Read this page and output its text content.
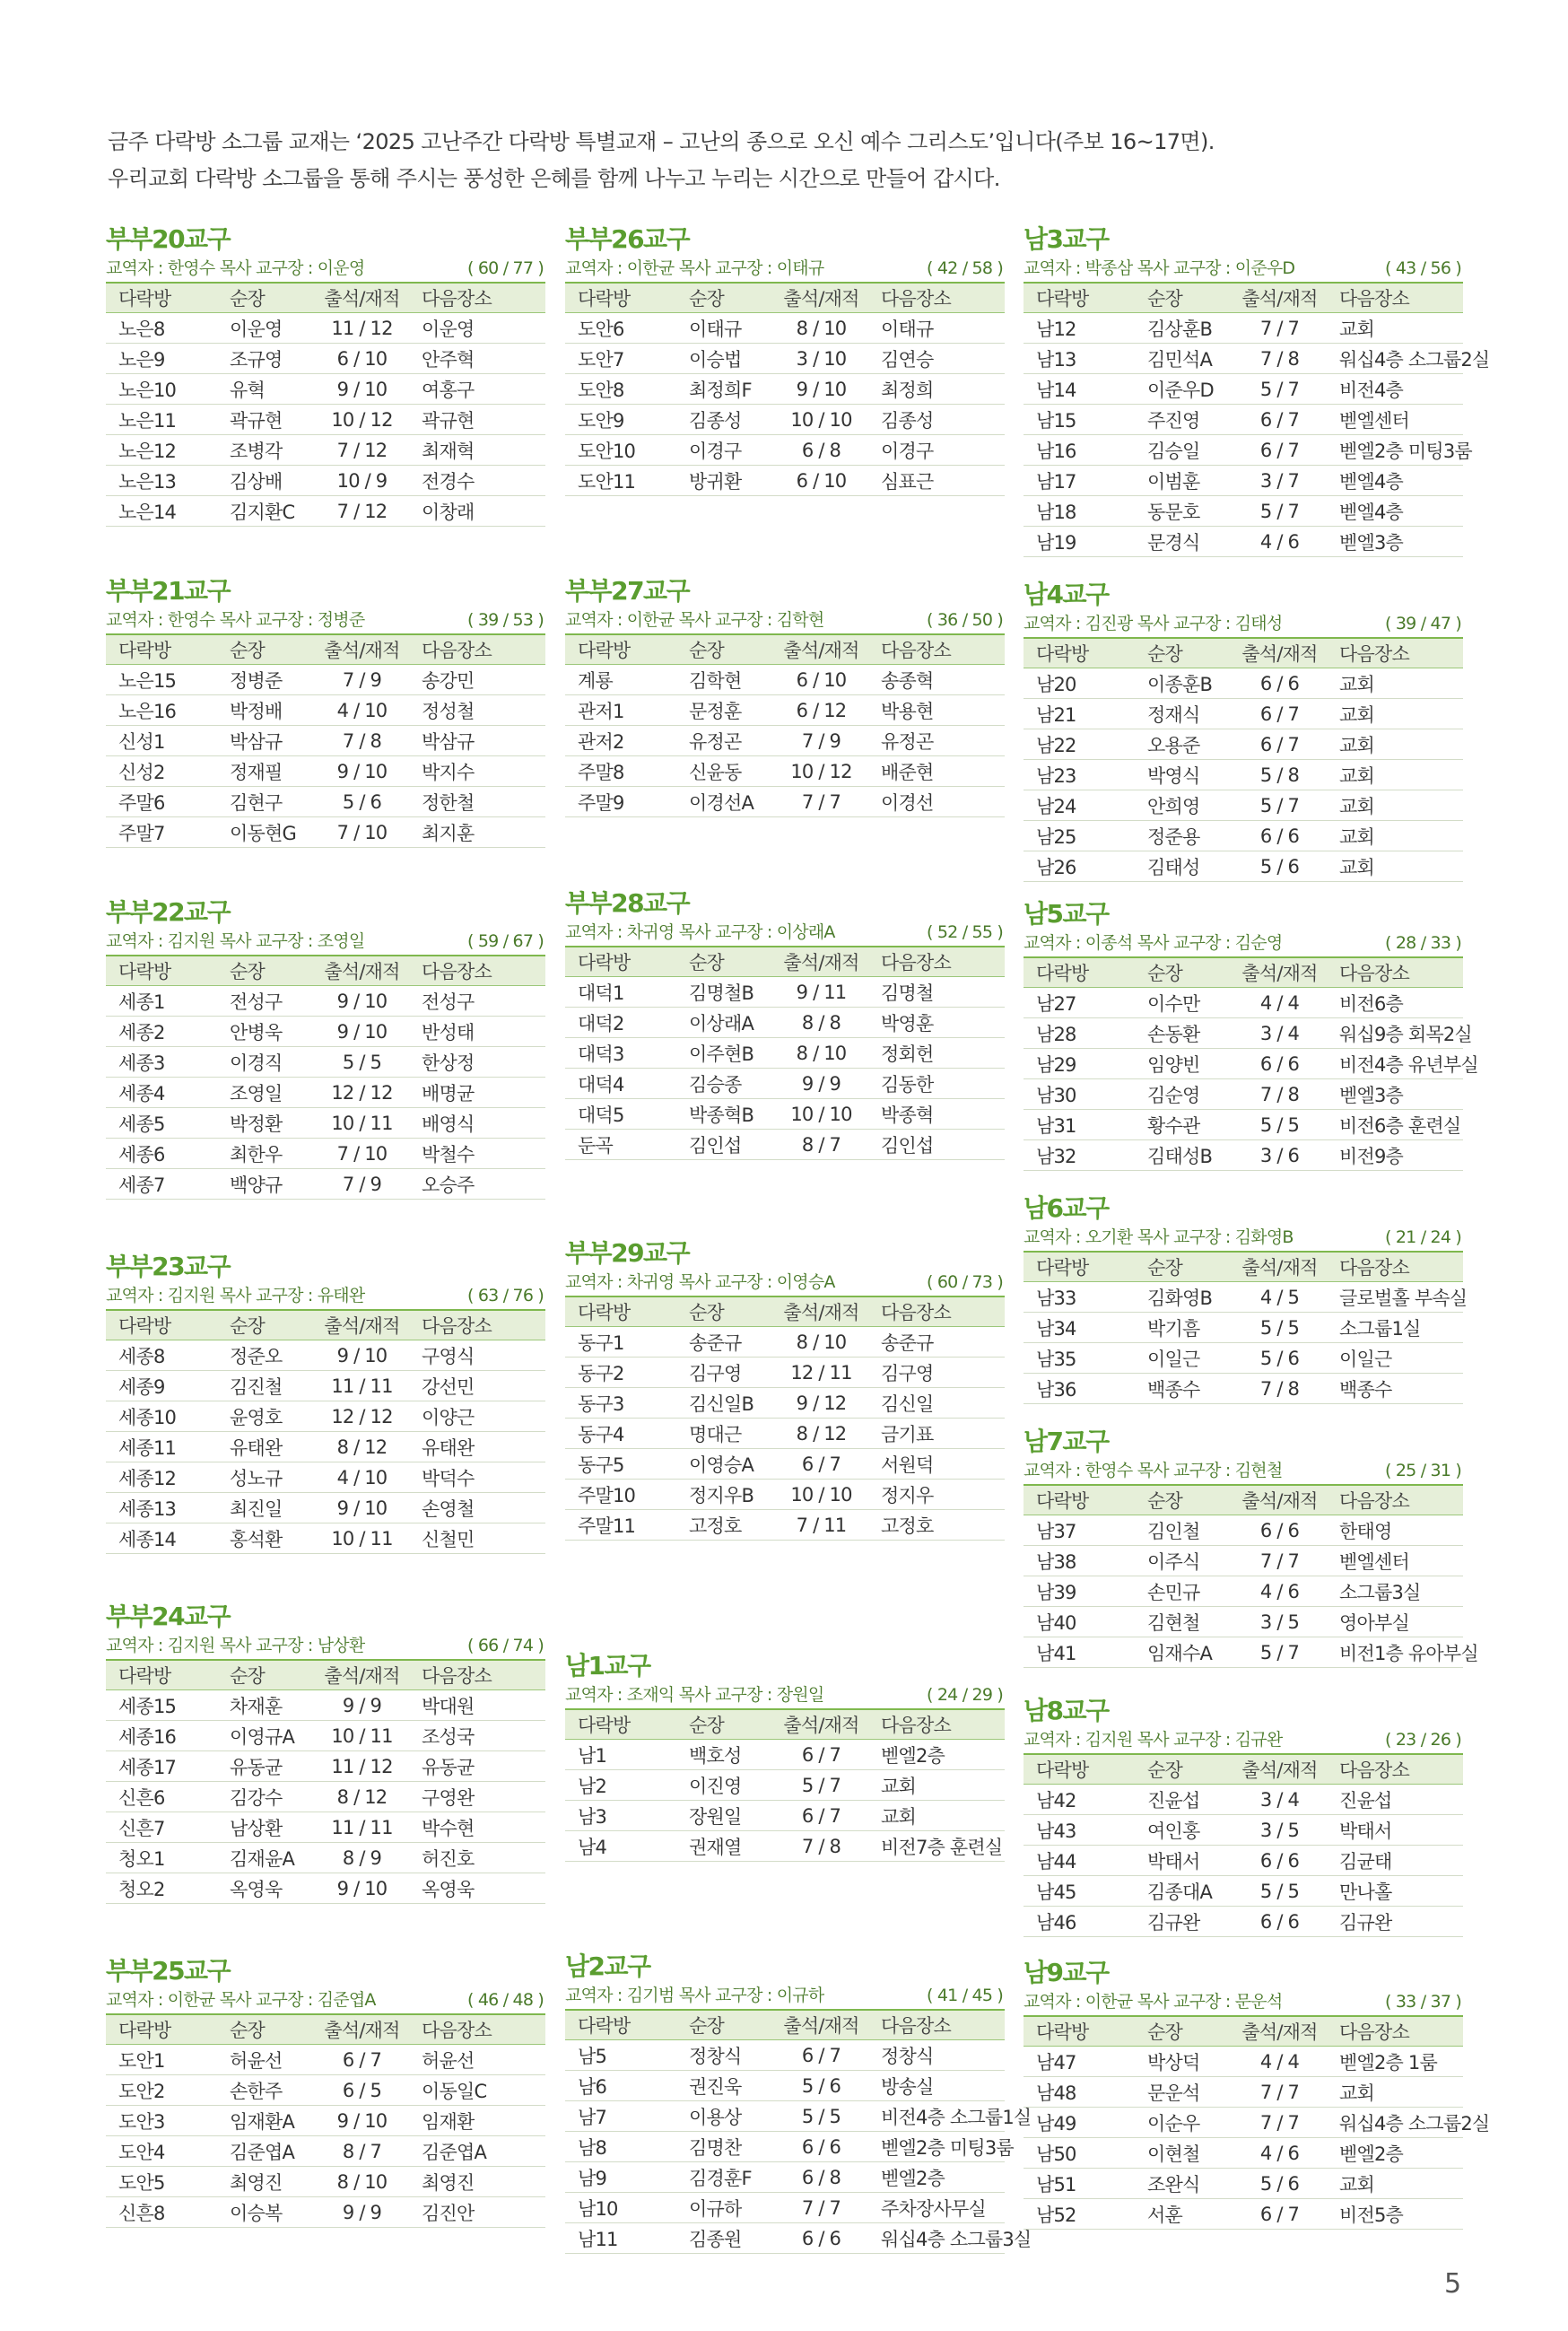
금주 다락방 소그룹 교재는 ‘2025 고난주간 다락방 특별교재 – 고난의 종으로 오신 예수 그리스도’입니다(주보 16~17면).
우리교회 다락방 소그룹을 통해 주시는 풍성한 은혜를 함께 나누고 누리는 시간으로 만들어 갑시다.
부부20교구
교역자 : 한영수 목사 교구장 : 이운영	( 60 / 77 )
다락방	순장	출석/재적	다음장소
노은8	이운영	11 / 12	이운영
노은9	조규영	6 / 10	안주혁
노은10	유혁	9 / 10	여홍구
노은11	곽규현	10 / 12	곽규현
노은12	조병각	7 / 12	최재혁
노은13	김상배	10 / 9	전경수
노은14	김지환C	7 / 12	이창래
부부21교구
교역자 : 한영수 목사 교구장 : 정병준	( 39 / 53 )
다락방	순장	출석/재적	다음장소
노은15	정병준	7 / 9	송강민
노은16	박정배	4 / 10	정성철
신성1	박삼규	7 / 8	박삼규
신성2	정재필	9 / 10	박지수
주말6	김현구	5 / 6	정한철
주말7	이동현G	7 / 10	최지훈
부부22교구
교역자 : 김지원 목사 교구장 : 조영일	( 59 / 67 )
다락방	순장	출석/재적	다음장소
세종1	전성구	9 / 10	전성구
세종2	안병욱	9 / 10	반성태
세종3	이경직	5 / 5	한상정
세종4	조영일	12 / 12	배명균
세종5	박정환	10 / 11	배영식
세종6	최한우	7 / 10	박철수
세종7	백양규	7 / 9	오승주
부부23교구
교역자 : 김지원 목사 교구장 : 유태완	( 63 / 76 )
다락방	순장	출석/재적	다음장소
세종8	정준오	9 / 10	구영식
세종9	김진철	11 / 11	강선민
세종10	윤영호	12 / 12	이양근
세종11	유태완	8 / 12	유태완
세종12	성노규	4 / 10	박덕수
세종13	최진일	9 / 10	손영철
세종14	홍석환	10 / 11	신철민
부부24교구
교역자 : 김지원 목사 교구장 : 남상환	( 66 / 74 )
다락방	순장	출석/재적	다음장소
세종15	차재훈	9 / 9	박대원
세종16	이영규A	10 / 11	조성국
세종17	유동균	11 / 12	유동균
신흔6	김강수	8 / 12	구영완
신흔7	남상환	11 / 11	박수현
청오1	김재윤A	8 / 9	허진호
청오2	옥영욱	9 / 10	옥영욱
부부25교구
교역자 : 이한균 목사 교구장 : 김준엽A	( 46 / 48 )
다락방	순장	출석/재적	다음장소
도안1	허윤선	6 / 7	허윤선
도안2	손한주	6 / 5	이동일C
도안3	임재환A	9 / 10	임재환
도안4	김준엽A	8 / 7	김준엽A
도안5	최영진	8 / 10	최영진
신흔8	이승복	9 / 9	김진안
부부26교구
교역자 : 이한균 목사 교구장 : 이태규	( 42 / 58 )
다락방	순장	출석/재적	다음장소
도안6	이태규	8 / 10	이태규
도안7	이승법	3 / 10	김연승
도안8	최정희F	9 / 10	최정희
도안9	김종성	10 / 10	김종성
도안10	이경구	6 / 8	이경구
도안11	방귀환	6 / 10	심표근
부부27교구
교역자 : 이한균 목사 교구장 : 김학현	( 36 / 50 )
다락방	순장	출석/재적	다음장소
계룡	김학현	6 / 10	송종혁
관저1	문정훈	6 / 12	박용현
관저2	유정곤	7 / 9	유정곤
주말8	신윤동	10 / 12	배준현
주말9	이경선A	7 / 7	이경선
부부28교구
교역자 : 차귀영 목사 교구장 : 이상래A	( 52 / 55 )
다락방	순장	출석/재적	다음장소
대덕1	김명철B	9 / 11	김명철
대덕2	이상래A	8 / 8	박영훈
대덕3	이주현B	8 / 10	정회헌
대덕4	김승종	9 / 9	김동한
대덕5	박종혁B	10 / 10	박종혁
둔곡	김인섭	8 / 7	김인섭
부부29교구
교역자 : 차귀영 목사 교구장 : 이영승A	( 60 / 73 )
다락방	순장	출석/재적	다음장소
동구1	송준규	8 / 10	송준규
동구2	김구영	12 / 11	김구영
동구3	김신일B	9 / 12	김신일
동구4	명대근	8 / 12	금기표
동구5	이영승A	6 / 7	서원덕
주말10	정지우B	10 / 10	정지우
주말11	고정호	7 / 11	고정호
남1교구
교역자 : 조재익 목사 교구장 : 장원일	( 24 / 29 )
다락방	순장	출석/재적	다음장소
남1	백호성	6 / 7	벧엘2층
남2	이진영	5 / 7	교회
남3	장원일	6 / 7	교회
남4	권재열	7 / 8	비전7층 훈련실
남2교구
교역자 : 김기범 목사 교구장 : 이규하	( 41 / 45 )
다락방	순장	출석/재적	다음장소
남5	정창식	6 / 7	정창식
남6	권진욱	5 / 6	방송실
남7	이용상	5 / 5	비전4층 소그룹1실
남8	김명찬	6 / 6	벧엘2층 미팅3룸
남9	김경훈F	6 / 8	벧엘2층
남10	이규하	7 / 7	주차장사무실
남11	김종원	6 / 6	워십4층 소그룹3실
남3교구
교역자 : 박종삼 목사 교구장 : 이준우D	( 43 / 56 )
다락방	순장	출석/재적	다음장소
남12	김상훈B	7 / 7	교회
남13	김민석A	7 / 8	워십4층 소그룹2실
남14	이준우D	5 / 7	비전4층
남15	주진영	6 / 7	벧엘센터
남16	김승일	6 / 7	벧엘2층 미팅3룸
남17	이범훈	3 / 7	벧엘4층
남18	동문호	5 / 7	벧엘4층
남19	문경식	4 / 6	벧엘3층
남4교구
교역자 : 김진광 목사 교구장 : 김태성	( 39 / 47 )
다락방	순장	출석/재적	다음장소
남20	이종훈B	6 / 6	교회
남21	정재식	6 / 7	교회
남22	오용준	6 / 7	교회
남23	박영식	5 / 8	교회
남24	안희영	5 / 7	교회
남25	정준용	6 / 6	교회
남26	김태성	5 / 6	교회
남5교구
교역자 : 이종석 목사 교구장 : 김순영	( 28 / 33 )
다락방	순장	출석/재적	다음장소
남27	이수만	4 / 4	비전6층
남28	손동환	3 / 4	워십9층 회목2실
남29	임양빈	6 / 6	비전4층 유년부실
남30	김순영	7 / 8	벧엘3층
남31	황수관	5 / 5	비전6층 훈련실
남32	김태성B	3 / 6	비전9층
남6교구
교역자 : 오기환 목사 교구장 : 김화영B	( 21 / 24 )
다락방	순장	출석/재적	다음장소
남33	김화영B	4 / 5	글로벌홀 부속실
남34	박기흠	5 / 5	소그룹1실
남35	이일근	5 / 6	이일근
남36	백종수	7 / 8	백종수
남7교구
교역자 : 한영수 목사 교구장 : 김현철	( 25 / 31 )
다락방	순장	출석/재적	다음장소
남37	김인철	6 / 6	한태영
남38	이주식	7 / 7	벧엘센터
남39	손민규	4 / 6	소그룹3실
남40	김현철	3 / 5	영아부실
남41	임재수A	5 / 7	비전1층 유아부실
남8교구
교역자 : 김지원 목사 교구장 : 김규완	( 23 / 26 )
다락방	순장	출석/재적	다음장소
남42	진윤섭	3 / 4	진윤섭
남43	여인홍	3 / 5	박태서
남44	박태서	6 / 6	김균태
남45	김종대A	5 / 5	만나홀
남46	김규완	6 / 6	김규완
남9교구
교역자 : 이한균 목사 교구장 : 문운석	( 33 / 37 )
다락방	순장	출석/재적	다음장소
남47	박상덕	4 / 4	벧엘2층 1룸
남48	문운석	7 / 7	교회
남49	이순우	7 / 7	워십4층 소그룹2실
남50	이현철	4 / 6	벧엘2층
남51	조완식	5 / 6	교회
남52	서훈	6 / 7	비전5층
5
